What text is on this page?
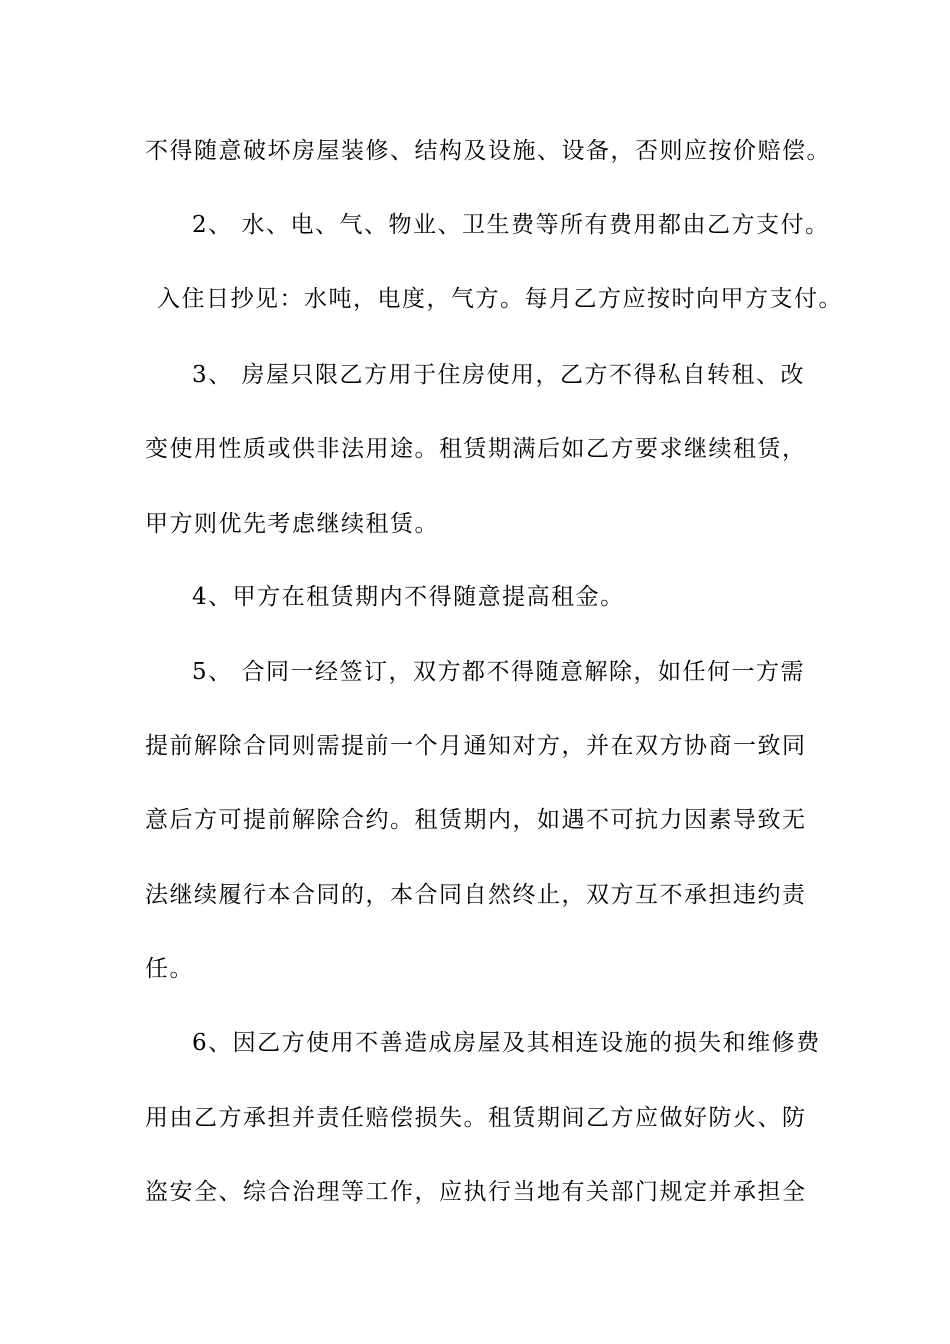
不得随意破坏房屋装修、结构及设施、设备，否则应按价赔偿。
2、 水、电、气、物业、卫生费等所有费用都由乙方支付。
入住日抄见：水吨，电度，气方。每月乙方应按时向甲方支付。
3、 房屋只限乙方用于住房使用，乙方不得私自转租、改
变使用性质或供非法用途。租赁期满后如乙方要求继续租赁，
甲方则优先考虑继续租赁。
4、甲方在租赁期内不得随意提高租金。
5、 合同一经签订，双方都不得随意解除，如任何一方需
提前解除合同则需提前一个月通知对方，并在双方协商一致同
意后方可提前解除合约。租赁期内，如遇不可抗力因素导致无
法继续履行本合同的，本合同自然终止，双方互不承担违约责
任。
6、因乙方使用不善造成房屋及其相连设施的损失和维修费
用由乙方承担并责任赔偿损失。租赁期间乙方应做好防火、防
盗安全、综合治理等工作，应执行当地有关部门规定并承担全
